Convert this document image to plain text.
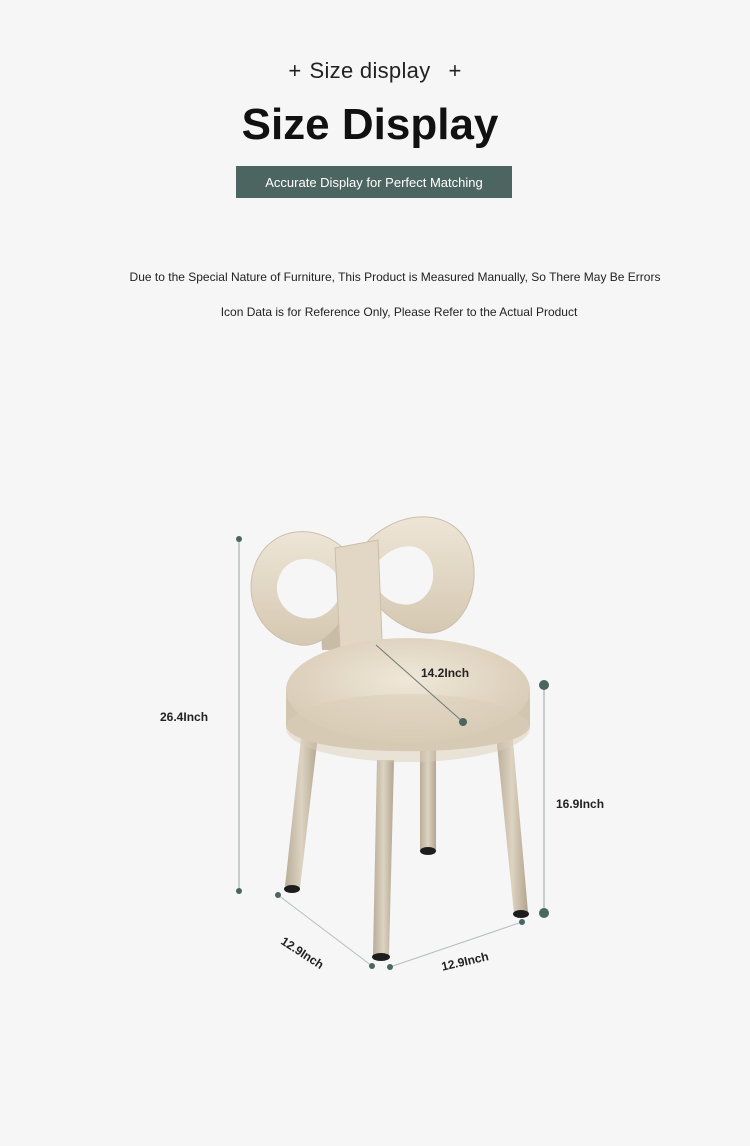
+ Size display +
Size Display
Accurate Display for Perfect Matching
Due to the Special Nature of Furniture, This Product is Measured Manually, So There May Be Errors
Icon Data is for Reference Only, Please Refer to the Actual Product
26.4Inch
14.2Inch
16.9Inch
12.9Inch	12.9Inch
